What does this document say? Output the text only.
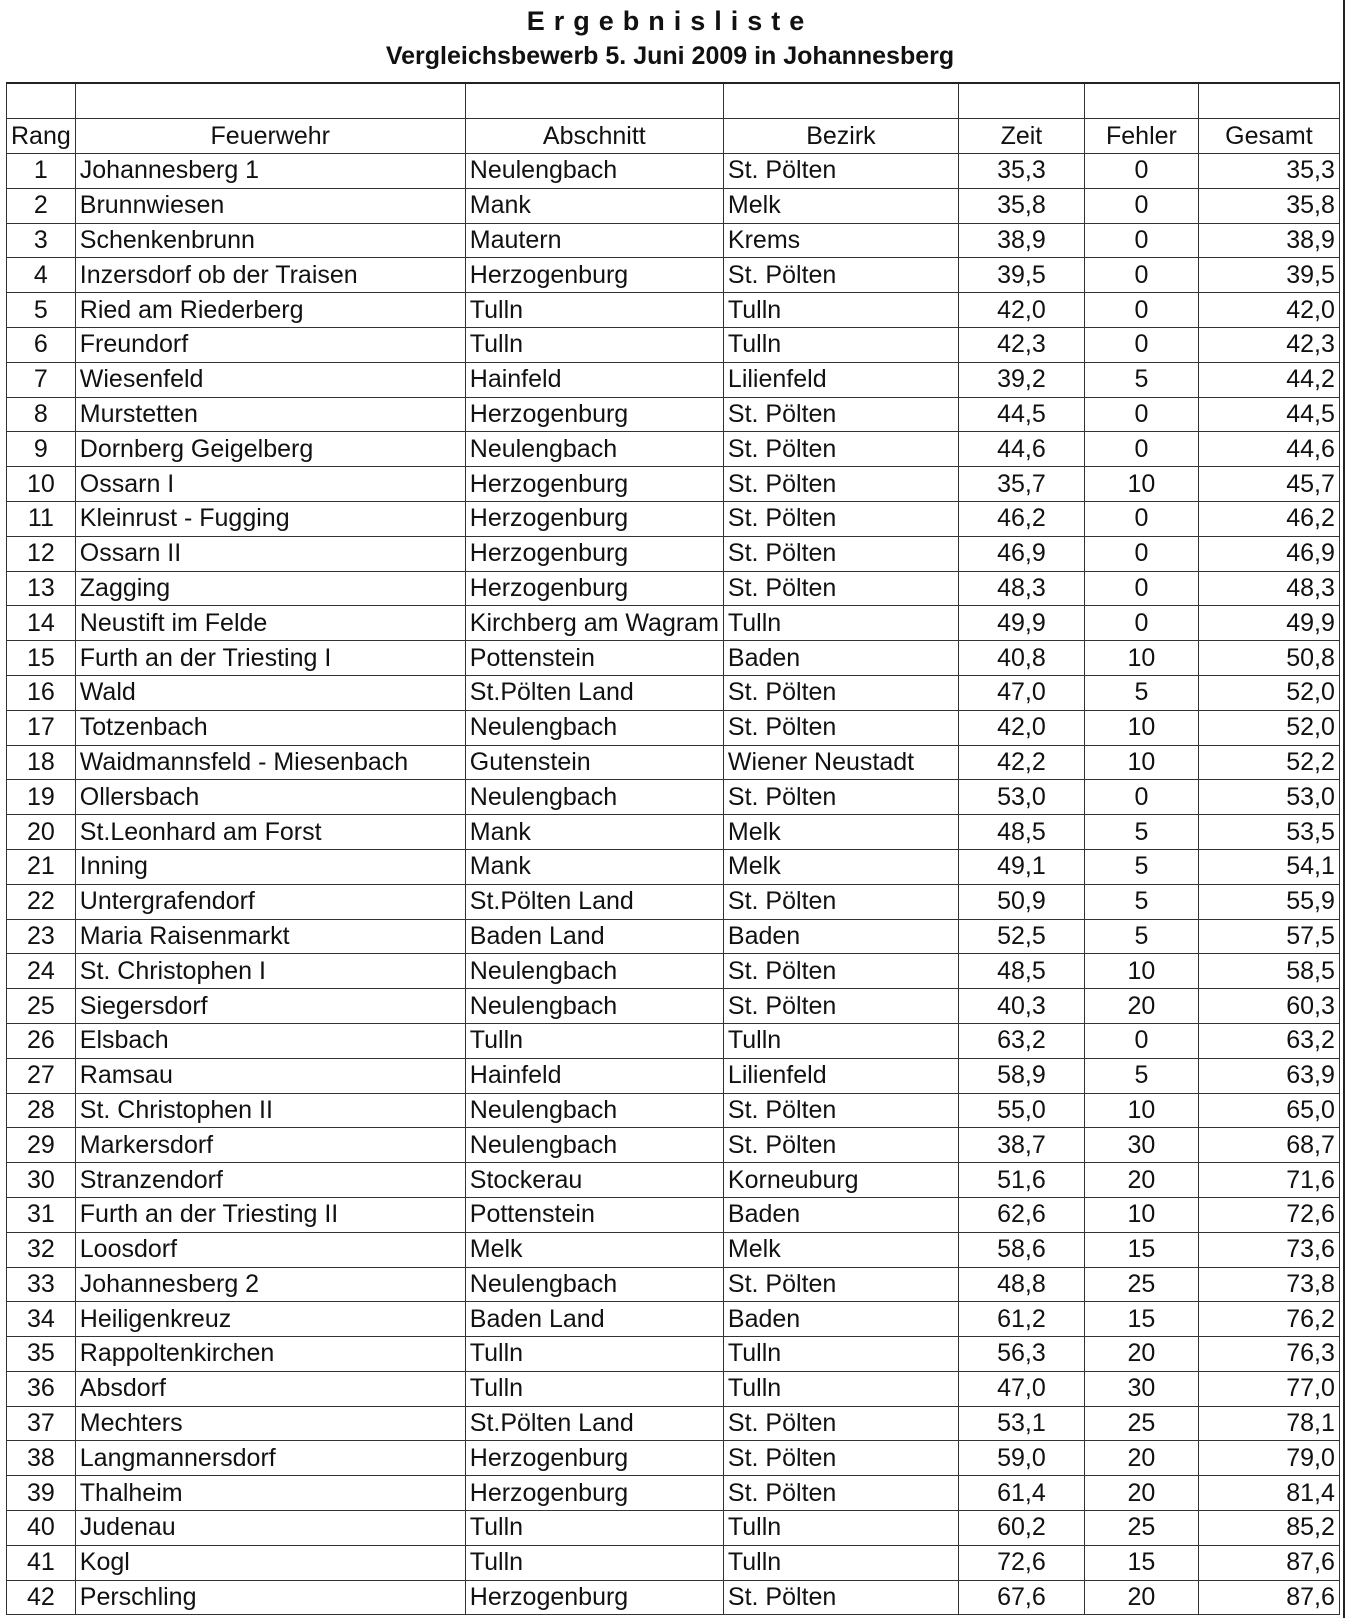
Ergebnisliste
Vergleichsbewerb 5. Juni 2009 in Johannesberg

Rang	Feuerwehr	Abschnitt	Bezirk	Zeit	Fehler	Gesamt
1	Johannesberg 1	Neulengbach	St. Pölten	35,3	0	35,3
2	Brunnwiesen	Mank	Melk	35,8	0	35,8
3	Schenkenbrunn	Mautern	Krems	38,9	0	38,9
4	Inzersdorf ob der Traisen	Herzogenburg	St. Pölten	39,5	0	39,5
5	Ried am Riederberg	Tulln	Tulln	42,0	0	42,0
6	Freundorf	Tulln	Tulln	42,3	0	42,3
7	Wiesenfeld	Hainfeld	Lilienfeld	39,2	5	44,2
8	Murstetten	Herzogenburg	St. Pölten	44,5	0	44,5
9	Dornberg Geigelberg	Neulengbach	St. Pölten	44,6	0	44,6
10	Ossarn I	Herzogenburg	St. Pölten	35,7	10	45,7
11	Kleinrust - Fugging	Herzogenburg	St. Pölten	46,2	0	46,2
12	Ossarn II	Herzogenburg	St. Pölten	46,9	0	46,9
13	Zagging	Herzogenburg	St. Pölten	48,3	0	48,3
14	Neustift im Felde	Kirchberg am Wagram	Tulln	49,9	0	49,9
15	Furth an der Triesting I	Pottenstein	Baden	40,8	10	50,8
16	Wald	St.Pölten Land	St. Pölten	47,0	5	52,0
17	Totzenbach	Neulengbach	St. Pölten	42,0	10	52,0
18	Waidmannsfeld - Miesenbach	Gutenstein	Wiener Neustadt	42,2	10	52,2
19	Ollersbach	Neulengbach	St. Pölten	53,0	0	53,0
20	St.Leonhard am Forst	Mank	Melk	48,5	5	53,5
21	Inning	Mank	Melk	49,1	5	54,1
22	Untergrafendorf	St.Pölten Land	St. Pölten	50,9	5	55,9
23	Maria Raisenmarkt	Baden Land	Baden	52,5	5	57,5
24	St. Christophen I	Neulengbach	St. Pölten	48,5	10	58,5
25	Siegersdorf	Neulengbach	St. Pölten	40,3	20	60,3
26	Elsbach	Tulln	Tulln	63,2	0	63,2
27	Ramsau	Hainfeld	Lilienfeld	58,9	5	63,9
28	St. Christophen II	Neulengbach	St. Pölten	55,0	10	65,0
29	Markersdorf	Neulengbach	St. Pölten	38,7	30	68,7
30	Stranzendorf	Stockerau	Korneuburg	51,6	20	71,6
31	Furth an der Triesting II	Pottenstein	Baden	62,6	10	72,6
32	Loosdorf	Melk	Melk	58,6	15	73,6
33	Johannesberg 2	Neulengbach	St. Pölten	48,8	25	73,8
34	Heiligenkreuz	Baden Land	Baden	61,2	15	76,2
35	Rappoltenkirchen	Tulln	Tulln	56,3	20	76,3
36	Absdorf	Tulln	Tulln	47,0	30	77,0
37	Mechters	St.Pölten Land	St. Pölten	53,1	25	78,1
38	Langmannersdorf	Herzogenburg	St. Pölten	59,0	20	79,0
39	Thalheim	Herzogenburg	St. Pölten	61,4	20	81,4
40	Judenau	Tulln	Tulln	60,2	25	85,2
41	Kogl	Tulln	Tulln	72,6	15	87,6
42	Perschling	Herzogenburg	St. Pölten	67,6	20	87,6
